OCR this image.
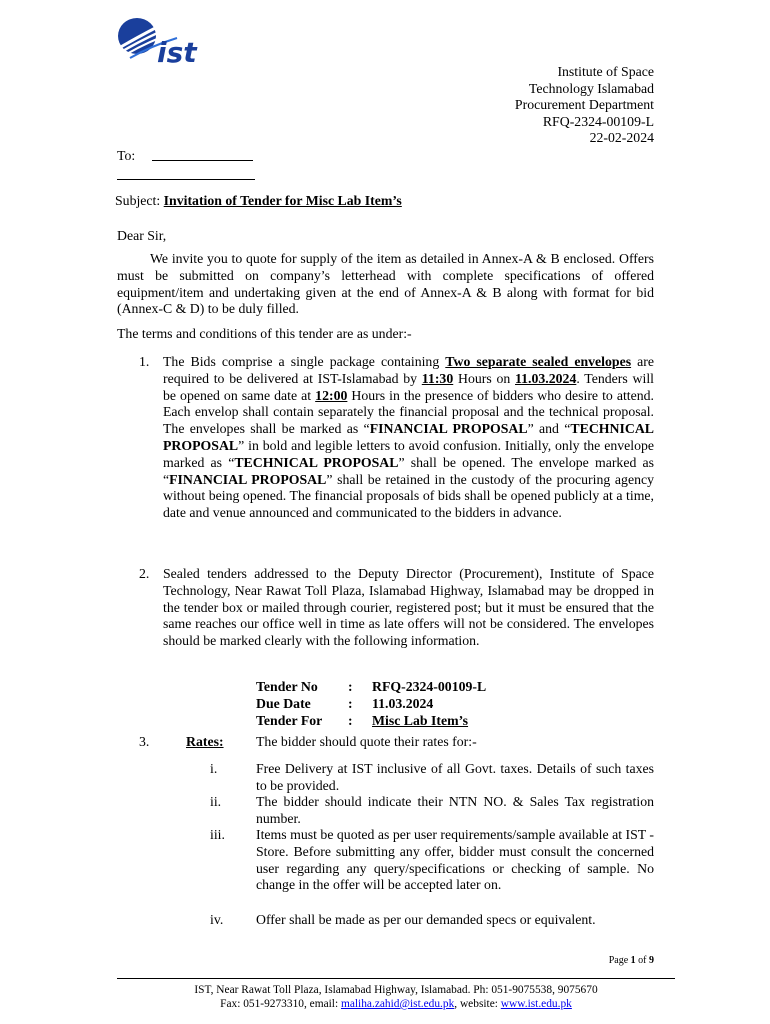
ist
Institute of Space
Technology Islamabad
Procurement Department
RFQ-2324-00109-L
22-02-2024
To:
Subject: Invitation of Tender for Misc Lab Item’s
Dear Sir,
We invite you to quote for supply of the item as detailed in Annex-A & B enclosed. Offers must be submitted on company’s letterhead with complete specifications of offered equipment/item and undertaking given at the end of Annex-A & B along with format for bid (Annex-C & D) to be duly filled.
The terms and conditions of this tender are as under:-
1. The Bids comprise a single package containing Two separate sealed envelopes are required to be delivered at IST-Islamabad by 11:30 Hours on 11.03.2024. Tenders will be opened on same date at 12:00 Hours in the presence of bidders who desire to attend. Each envelop shall contain separately the financial proposal and the technical proposal. The envelopes shall be marked as “FINANCIAL PROPOSAL” and “TECHNICAL PROPOSAL” in bold and legible letters to avoid confusion. Initially, only the envelope marked as “TECHNICAL PROPOSAL” shall be opened. The envelope marked as “FINANCIAL PROPOSAL” shall be retained in the custody of the procuring agency without being opened. The financial proposals of bids shall be opened publicly at a time, date and venue announced and communicated to the bidders in advance.
2. Sealed tenders addressed to the Deputy Director (Procurement), Institute of Space Technology, Near Rawat Toll Plaza, Islamabad Highway, Islamabad may be dropped in the tender box or mailed through courier, registered post; but it must be ensured that the same reaches our office well in time as late offers will not be considered. The envelopes should be marked clearly with the following information.
Tender No : RFQ-2324-00109-L
Due Date	: 11.03.2024
Tender For : Misc Lab Item’s
3.	Rates: The bidder should quote their rates for:-
i.	Free Delivery at IST inclusive of all Govt. taxes. Details of such taxes to be provided.
ii.	The bidder should indicate their NTN NO. & Sales Tax registration number.
iii.	Items must be quoted as per user requirements/sample available at IST - Store. Before submitting any offer, bidder must consult the concerned user regarding any query/specifications or checking of sample. No change in the offer will be accepted later on.
iv.	Offer shall be made as per our demanded specs or equivalent.
Page 1 of 9
IST, Near Rawat Toll Plaza, Islamabad Highway, Islamabad. Ph: 051-9075538, 9075670
Fax: 051-9273310, email: maliha.zahid@ist.edu.pk, website: www.ist.edu.pk
